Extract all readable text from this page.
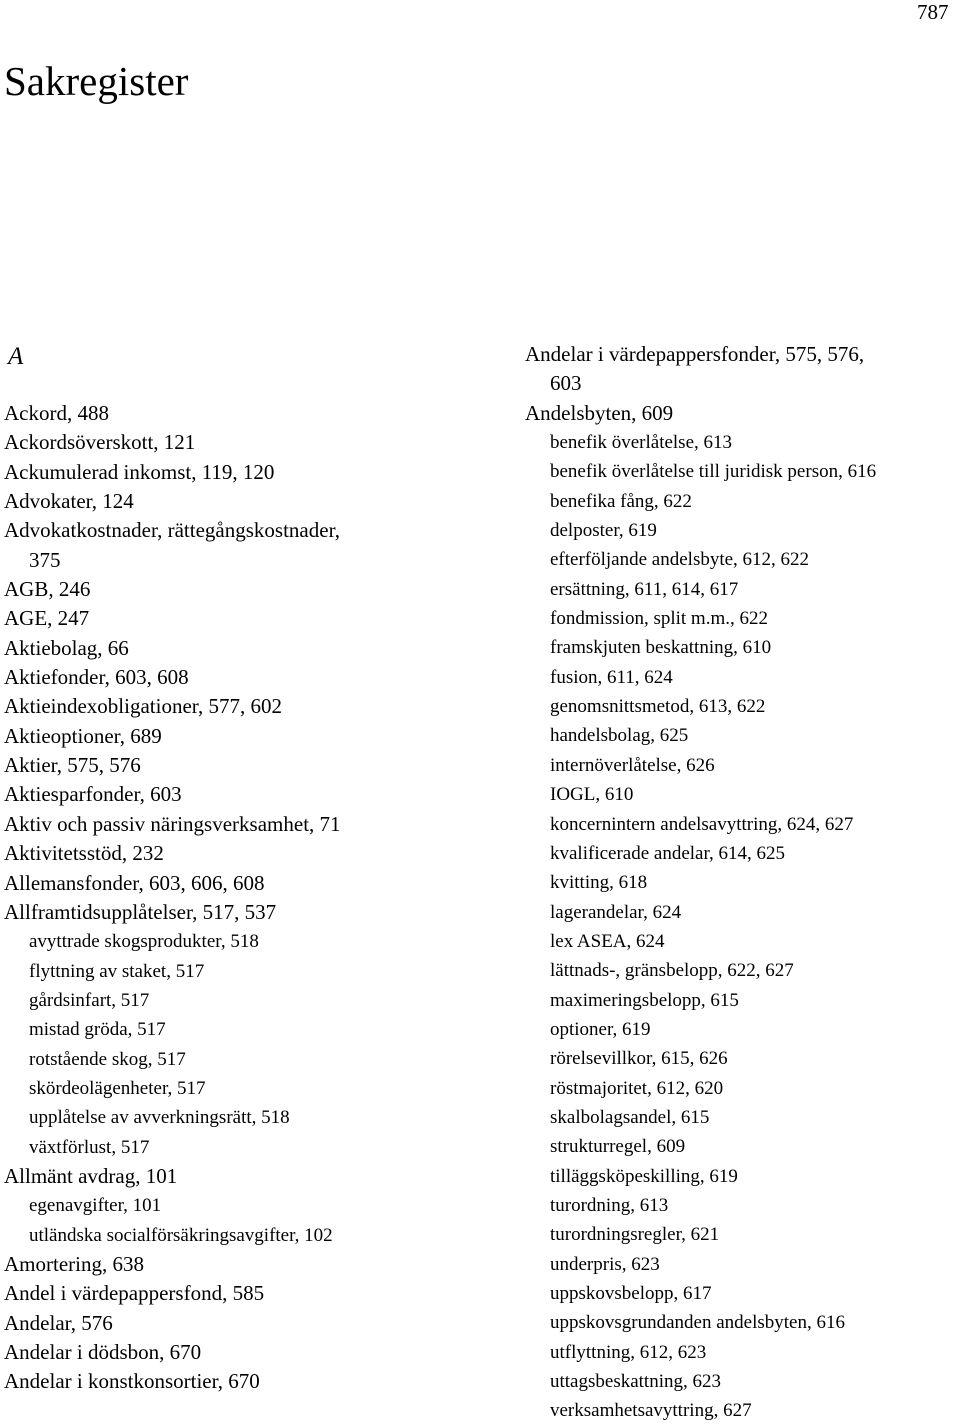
787
Sakregister
A
Ackord, 488
Ackordsöverskott, 121
Ackumulerad inkomst, 119, 120
Advokater, 124
Advokatkostnader, rättegångskostnader,
375
AGB, 246
AGE, 247
Aktiebolag, 66
Aktiefonder, 603, 608
Aktieindexobligationer, 577, 602
Aktieoptioner, 689
Aktier, 575, 576
Aktiesparfonder, 603
Aktiv och passiv näringsverksamhet, 71
Aktivitetsstöd, 232
Allemansfonder, 603, 606, 608
Allframtidsupplåtelser, 517, 537
avyttrade skogsprodukter, 518
flyttning av staket, 517
gårdsinfart, 517
mistad gröda, 517
rotstående skog, 517
skördeolägenheter, 517
upplåtelse av avverkningsrätt, 518
växtförlust, 517
Allmänt avdrag, 101
egenavgifter, 101
utländska socialförsäkringsavgifter, 102
Amortering, 638
Andel i värdepappersfond, 585
Andelar, 576
Andelar i dödsbon, 670
Andelar i konstkonsortier, 670
Andelar i värdepappersfonder, 575, 576,
603
Andelsbyten, 609
benefik överlåtelse, 613
benefik överlåtelse till juridisk person, 616
benefika fång, 622
delposter, 619
efterföljande andelsbyte, 612, 622
ersättning, 611, 614, 617
fondmission, split m.m., 622
framskjuten beskattning, 610
fusion, 611, 624
genomsnittsmetod, 613, 622
handelsbolag, 625
internöverlåtelse, 626
IOGL, 610
koncernintern andelsavyttring, 624, 627
kvalificerade andelar, 614, 625
kvitting, 618
lagerandelar, 624
lex ASEA, 624
lättnads-, gränsbelopp, 622, 627
maximeringsbelopp, 615
optioner, 619
rörelsevillkor, 615, 626
röstmajoritet, 612, 620
skalbolagsandel, 615
strukturregel, 609
tilläggsköpeskilling, 619
turordning, 613
turordningsregler, 621
underpris, 623
uppskovsbelopp, 617
uppskovsgrundanden andelsbyten, 616
utflyttning, 612, 623
uttagsbeskattning, 623
verksamhetsavyttring, 627
